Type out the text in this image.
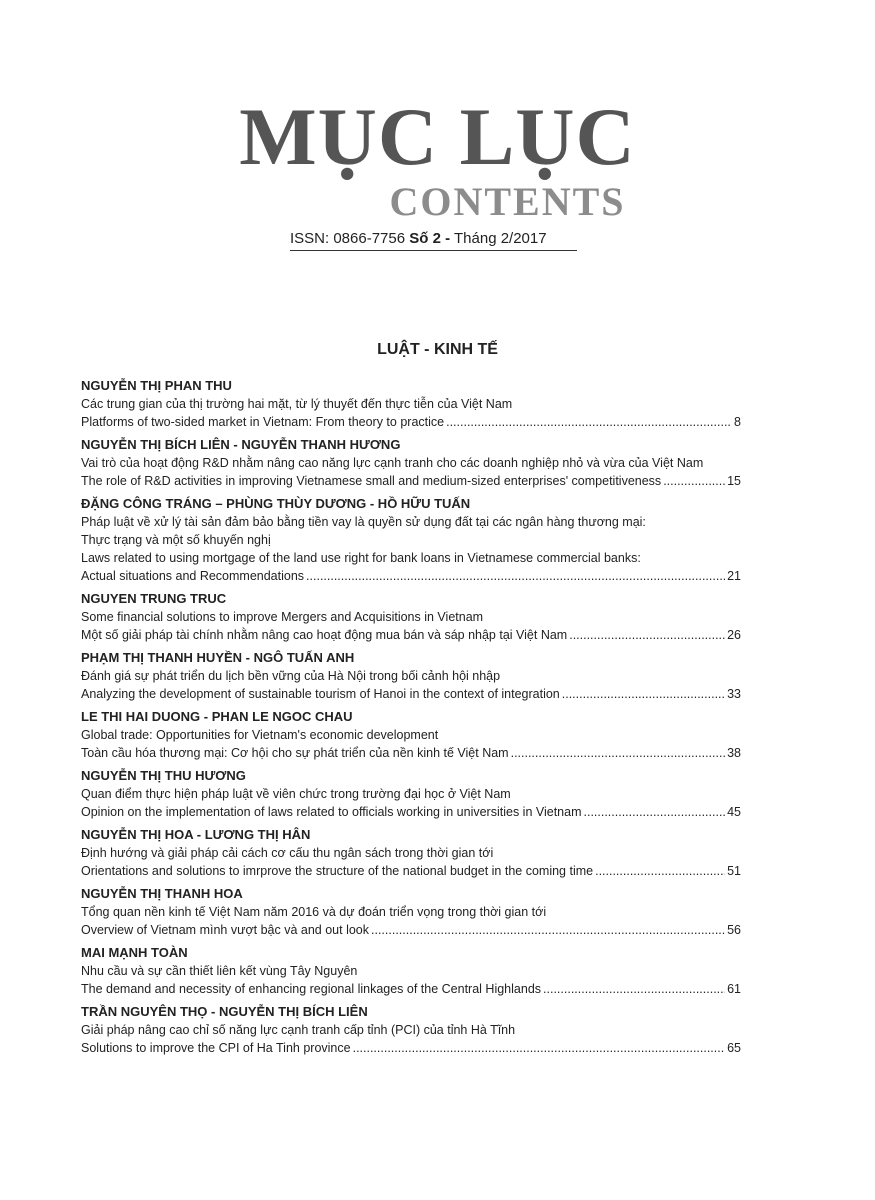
MỤC LỤC
CONTENTS
ISSN: 0866-7756 Số 2 - Tháng 2/2017
LUẬT - KINH TẾ
NGUYỄN THỊ PHAN THU
Các trung gian của thị trường hai mặt, từ lý thuyết đến thực tiễn của Việt Nam
Platforms of two-sided market in Vietnam: From theory to practice .....	8
NGUYỄN THỊ BÍCH LIÊN - NGUYỄN THANH HƯƠNG
Vai trò của hoạt động R&D nhằm nâng cao năng lực cạnh tranh cho các doanh nghiệp nhỏ và vừa của Việt Nam
The role of R&D activities in improving Vietnamese small and medium-sized enterprises' competitiveness .....	15
ĐẶNG CÔNG TRÁNG – PHÙNG THÙY DƯƠNG - HỒ HỮU TUẤN
Pháp luật về xử lý tài sản đảm bảo bằng tiền vay là quyền sử dụng đất tại các ngân hàng thương mại:
Thực trạng và một số khuyến nghị
Laws related to using mortgage of the land use right for bank loans in Vietnamese commercial banks:
Actual situations and Recommendations .....	21
NGUYEN TRUNG TRUC
Some financial solutions to improve Mergers and Acquisitions in Vietnam
Một số giải pháp tài chính nhằm nâng cao hoạt động mua bán và sáp nhập tại Việt Nam .....	26
PHẠM THỊ THANH HUYỀN - NGÔ TUẤN ANH
Đánh giá sự phát triển du lịch bền vững của Hà Nội trong bối cảnh hội nhập
Analyzing the development of sustainable tourism of Hanoi in the context of integration .....	33
LE THI HAI DUONG - PHAN LE NGOC CHAU
Global trade: Opportunities for Vietnam's economic development
Toàn cầu hóa thương mại: Cơ hội cho sự phát triển của nền kinh tế Việt Nam .....	38
NGUYỄN THỊ THU HƯƠNG
Quan điểm thực hiện pháp luật về viên chức trong trường đại học ở Việt Nam
Opinion on the implementation of laws related to officials working in universities in Vietnam .....	45
NGUYỄN THỊ HOA - LƯƠNG THỊ HÂN
Định hướng và giải pháp cải cách cơ cấu thu ngân sách trong thời gian tới
Orientations and solutions to imrprove the structure of the national budget in the coming time .....	51
NGUYỄN THỊ THANH HOA
Tổng quan nền kinh tế Việt Nam năm 2016 và dự đoán triển vọng trong thời gian tới
Overview of Vietnam mình vượt bậc và and out look .....	56
MAI MẠNH TOÀN
Nhu cầu và sự cần thiết liên kết vùng Tây Nguyên
The demand and necessity of enhancing regional linkages of the Central Highlands .....	61
TRẦN NGUYÊN THỌ - NGUYỄN THỊ BÍCH LIÊN
Giải pháp nâng cao chỉ số năng lực cạnh tranh cấp tỉnh (PCI) của tỉnh Hà Tĩnh
Solutions to improve the CPI of Ha Tinh province .....	65
